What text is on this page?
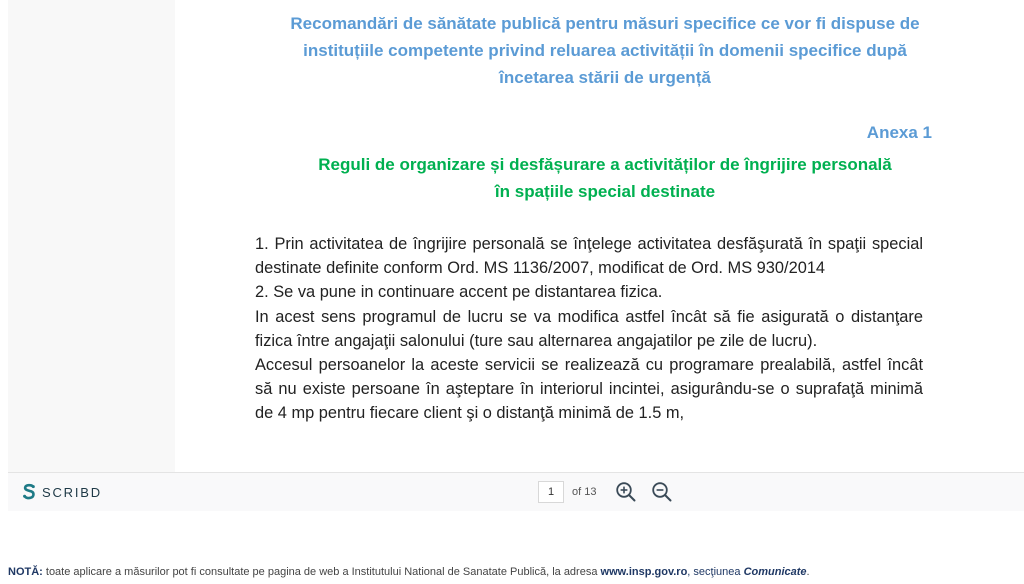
Recomandări de sănătate publică pentru măsuri specifice ce vor fi dispuse de
instituțiile competente privind reluarea activității în domenii specifice după
încetarea stării de urgență
Anexa 1
Reguli de organizare și desfășurare a activităților de îngrijire personală
în spațiile special destinate

1. Prin activitatea de îngrijire personală se înţelege activitatea desfăşurată în spaţii special destinate definite conform Ord. MS 1136/2007, modificat de Ord. MS 930/2014

2. Se va pune in continuare accent pe distantarea fizica.

In acest sens programul de lucru se va modifica astfel încât să fie asigurată o distanţare fizica între angajaţii salonului (ture sau alternarea angajatilor pe zile de lucru).

Accesul persoanelor la aceste servicii se realizează cu programare prealabilă, astfel încât să nu existe persoane în aşteptare în interiorul incintei, asigurându-se o suprafaţă minimă de 4 mp pentru fiecare client şi o distanţă minimă de 1.5 m,

SCRIBD
1	of 13
NOTĂ: toate aplicare a măsurilor pot fi consultate pe pagina de web a Institutului National de Sanatate Publică, la adresa www.insp.gov.ro, secţiunea Comunicate.
